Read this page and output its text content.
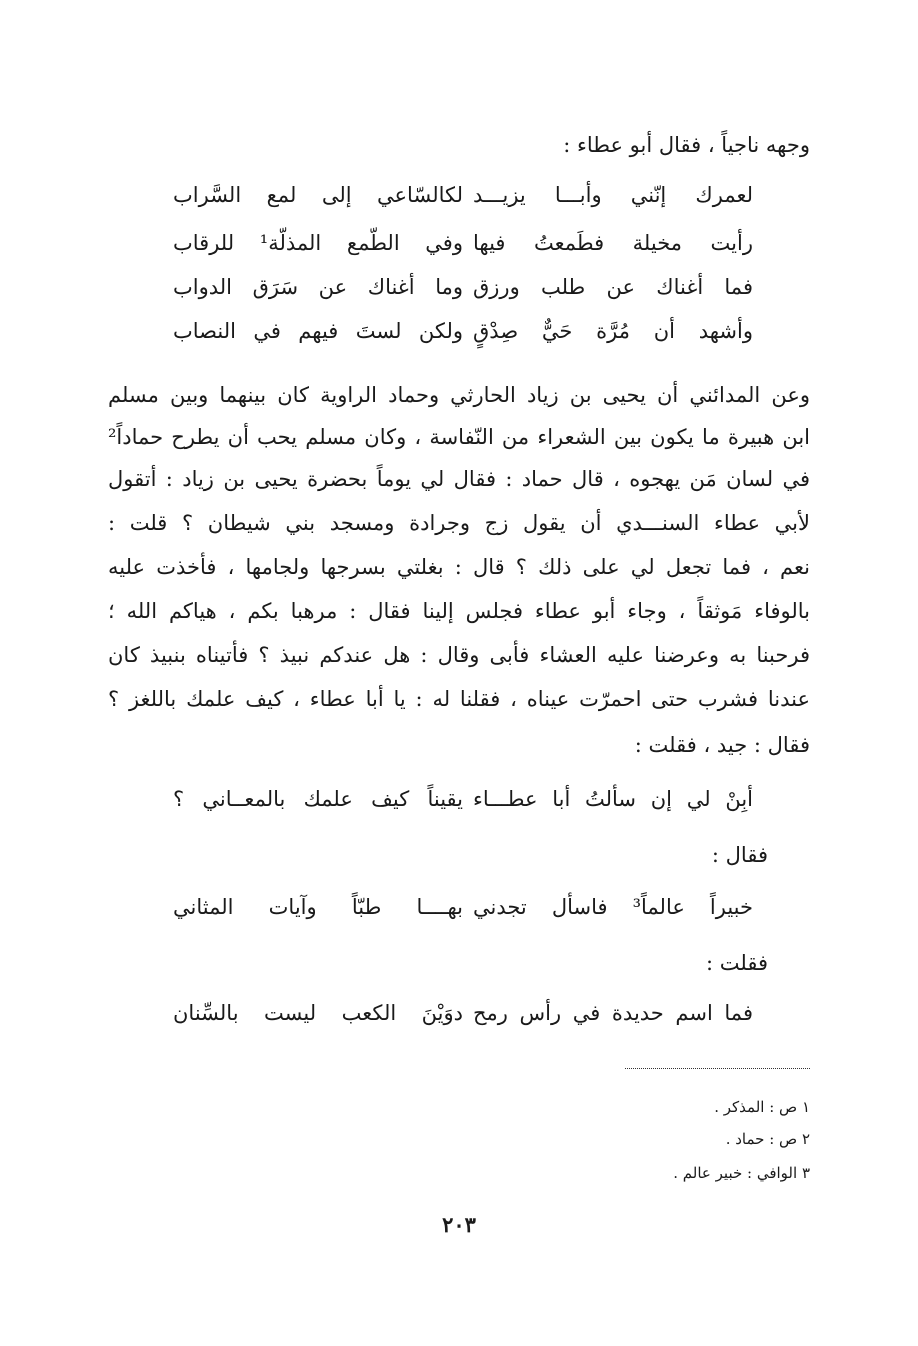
وجهه ناجياً ، فقال أبو عطاء :
لعمرك إنّني وأبـــا يزيـــد
لكالسّاعي إلى لمع السَّراب
رأيت مخيلة فطَمعتُ فيها
وفي الطّمع المذلّة¹ للرقاب
فما أغناك عن طلب ورزق
وما أغناك عن سَرَق الدواب
وأشهد أن مُرَّة حَيٌّ صِدْقٍ
ولكن لستَ فيهم في النصاب
وعن المدائني أن يحيى بن زياد الحارثي وحماد الراوية كان بينهما وبين مسلم
ابن هبيرة ما يكون بين الشعراء من النّفاسة ، وكان مسلم يحب أن يطرح حماداً²
في لسان مَن يهجوه ، قال حماد : فقال لي يوماً بحضرة يحيى بن زياد : أتقول
لأبي عطاء السنـــدي أن يقول زج وجرادة ومسجد بني شيطان ؟ قلت :
نعم ، فما تجعل لي على ذلك ؟ قال : بغلتي بسرجها ولجامها ، فأخذت عليه
بالوفاء مَوثقاً ، وجاء أبو عطاء فجلس إلينا فقال : مرهبا بكم ، هياكم الله ؛
فرحبنا به وعرضنا عليه العشاء فأبى وقال : هل عندكم نبيذ ؟ فأتيناه بنبيذ كان
عندنا فشرب حتى احمرّت عيناه ، فقلنا له : يا أبا عطاء ، كيف علمك باللغز ؟
فقال : جيد ، فقلت :
أبِنْ لي إن سألتُ أبا عطـــاء
يقيناً كيف علمك بالمعــاني ؟
فقال :
خبيراً عالماً³ فاسأل تجدني
بهــــا طبّاً وآيات المثاني
فقلت :
فما اسم حديدة في رأس رمح
دوَيْنَ الكعب ليست بالسِّنان
١ ص : المذكر .
٢ ص : حماد .
٣ الوافي : خبير عالم .
٢٠٣
